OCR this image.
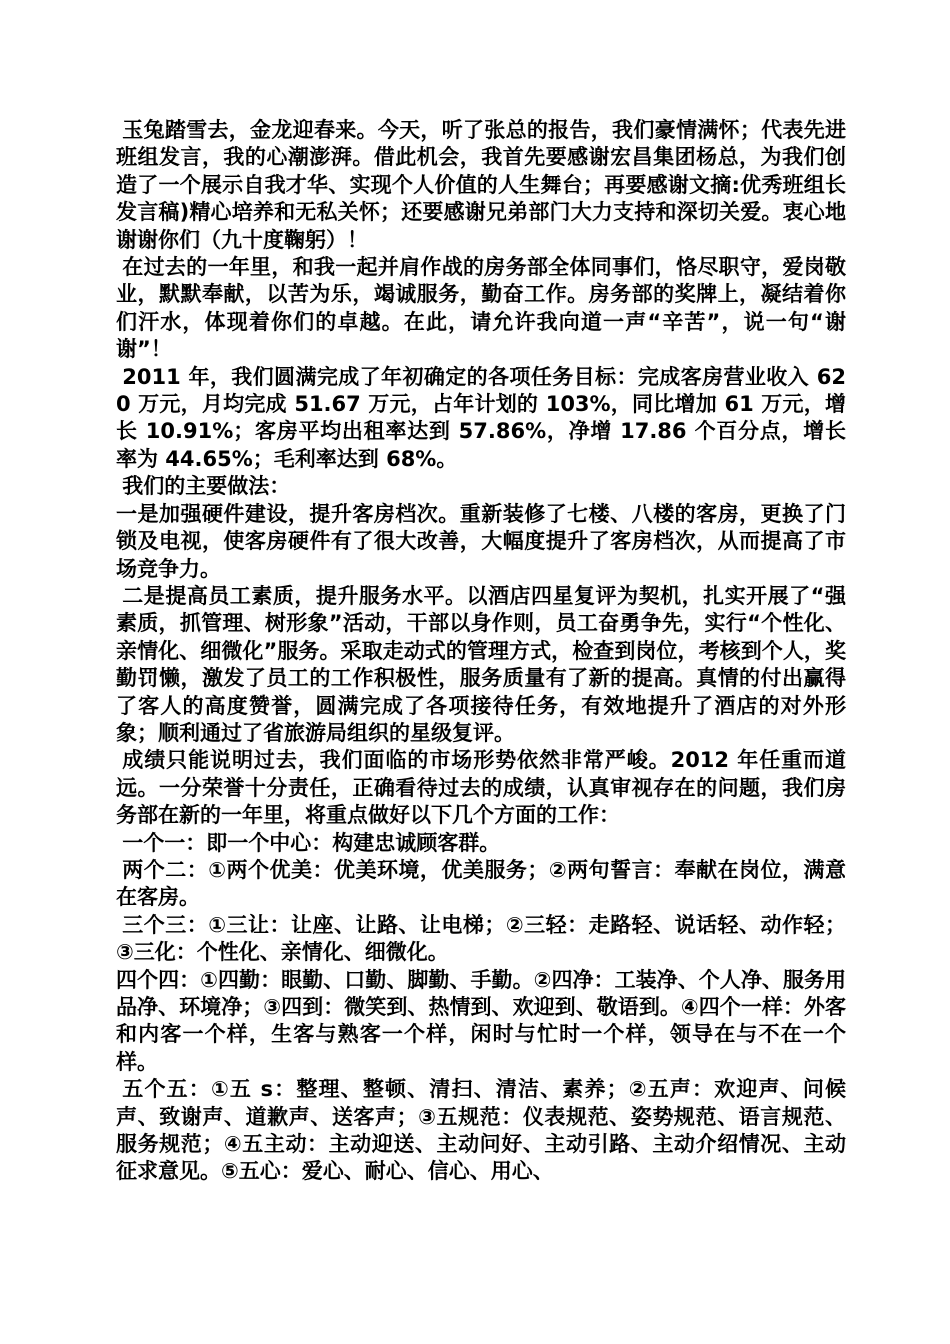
玉兔踏雪去，金龙迎春来。今天，听了张总的报告，我们豪情满怀；代表先进班组发言，我的心潮澎湃。借此机会，我首先要感谢宏昌集团杨总，为我们创造了一个展示自我才华、实现个人价值的人生舞台；再要感谢文摘:优秀班组长发言稿)精心培养和无私关怀；还要感谢兄弟部门大力支持和深切关爱。衷心地谢谢你们（九十度鞠躬）！

在过去的一年里，和我一起并肩作战的房务部全体同事们，恪尽职守，爱岗敬业，默默奉献，以苦为乐，竭诚服务，勤奋工作。房务部的奖牌上，凝结着你们汗水，体现着你们的卓越。在此，请允许我向道一声“辛苦”，说一句“谢谢”！

2011 年，我们圆满完成了年初确定的各项任务目标：完成客房营业收入 620 万元，月均完成 51.67 万元，占年计划的 103%，同比增加 61 万元，增长 10.91%；客房平均出租率达到 57.86%，净增 17.86 个百分点，增长率为 44.65%；毛利率达到 68%。

我们的主要做法：

一是加强硬件建设，提升客房档次。重新装修了七楼、八楼的客房，更换了门锁及电视，使客房硬件有了很大改善，大幅度提升了客房档次，从而提高了市场竞争力。

二是提高员工素质，提升服务水平。以酒店四星复评为契机，扎实开展了“强素质，抓管理、树形象”活动，干部以身作则，员工奋勇争先，实行“个性化、亲情化、细微化”服务。采取走动式的管理方式，检查到岗位，考核到个人，奖勤罚懒，激发了员工的工作积极性，服务质量有了新的提高。真情的付出赢得了客人的高度赞誉，圆满完成了各项接待任务，有效地提升了酒店的对外形象；顺利通过了省旅游局组织的星级复评。

成绩只能说明过去，我们面临的市场形势依然非常严峻。2012 年任重而道远。一分荣誉十分责任，正确看待过去的成绩，认真审视存在的问题，我们房务部在新的一年里，将重点做好以下几个方面的工作：

一个一：即一个中心：构建忠诚顾客群。

两个二：①两个优美：优美环境，优美服务；②两句誓言：奉献在岗位，满意在客房。

三个三：①三让：让座、让路、让电梯；②三轻：走路轻、说话轻、动作轻；③三化：个性化、亲情化、细微化。

四个四：①四勤：眼勤、口勤、脚勤、手勤。②四净：工装净、个人净、服务用品净、环境净；③四到：微笑到、热情到、欢迎到、敬语到。④四个一样：外客和内客一个样，生客与熟客一个样，闲时与忙时一个样，领导在与不在一个样。

五个五：①五 s：整理、整顿、清扫、清洁、素养；②五声：欢迎声、问候声、致谢声、道歉声、送客声；③五规范：仪表规范、姿势规范、语言规范、服务规范；④五主动：主动迎送、主动问好、主动引路、主动介绍情况、主动征求意见。⑤五心：爱心、耐心、信心、用心、
